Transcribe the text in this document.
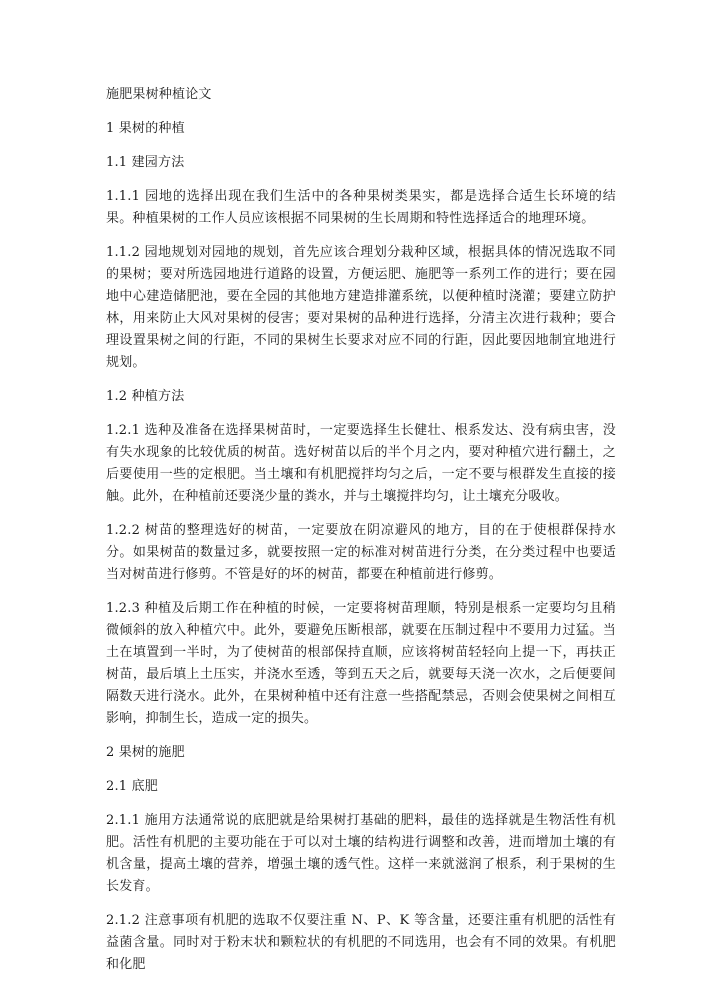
施肥果树种植论文

1 果树的种植

1.1 建园方法

1.1.1 园地的选择出现在我们生活中的各种果树类果实，都是选择合适生长环境的结果。种植果树的工作人员应该根据不同果树的生长周期和特性选择适合的地理环境。

1.1.2 园地规划对园地的规划，首先应该合理划分栽种区域，根据具体的情况选取不同的果树；要对所选园地进行道路的设置，方便运肥、施肥等一系列工作的进行；要在园地中心建造储肥池，要在全园的其他地方建造排灌系统，以便种植时浇灌；要建立防护林，用来防止大风对果树的侵害；要对果树的品种进行选择，分清主次进行栽种；要合理设置果树之间的行距，不同的果树生长要求对应不同的行距，因此要因地制宜地进行规划。

1.2 种植方法

1.2.1 选种及准备在选择果树苗时，一定要选择生长健壮、根系发达、没有病虫害，没有失水现象的比较优质的树苗。选好树苗以后的半个月之内，要对种植穴进行翻土，之后要使用一些的定根肥。当土壤和有机肥搅拌均匀之后，一定不要与根群发生直接的接触。此外，在种植前还要浇少量的粪水，并与土壤搅拌均匀，让土壤充分吸收。

1.2.2 树苗的整理选好的树苗，一定要放在阴凉避风的地方，目的在于使根群保持水分。如果树苗的数量过多，就要按照一定的标准对树苗进行分类，在分类过程中也要适当对树苗进行修剪。不管是好的坏的树苗，都要在种植前进行修剪。

1.2.3 种植及后期工作在种植的时候，一定要将树苗理顺，特别是根系一定要均匀且稍微倾斜的放入种植穴中。此外，要避免压断根部，就要在压制过程中不要用力过猛。当土在填置到一半时，为了使树苗的根部保持直顺，应该将树苗轻轻向上提一下，再扶正树苗，最后填上土压实，并浇水至透，等到五天之后，就要每天浇一次水，之后便要间隔数天进行浇水。此外，在果树种植中还有注意一些搭配禁忌，否则会使果树之间相互影响，抑制生长，造成一定的损失。

2 果树的施肥

2.1 底肥

2.1.1 施用方法通常说的底肥就是给果树打基础的肥料，最佳的选择就是生物活性有机肥。活性有机肥的主要功能在于可以对土壤的结构进行调整和改善，进而增加土壤的有机含量，提高土壤的营养，增强土壤的透气性。这样一来就滋润了根系，利于果树的生长发育。

2.1.2 注意事项有机肥的选取不仅要注重 N、P、K 等含量，还要注重有机肥的活性有益菌含量。同时对于粉末状和颗粒状的有机肥的不同选用，也会有不同的效果。有机肥和化肥
